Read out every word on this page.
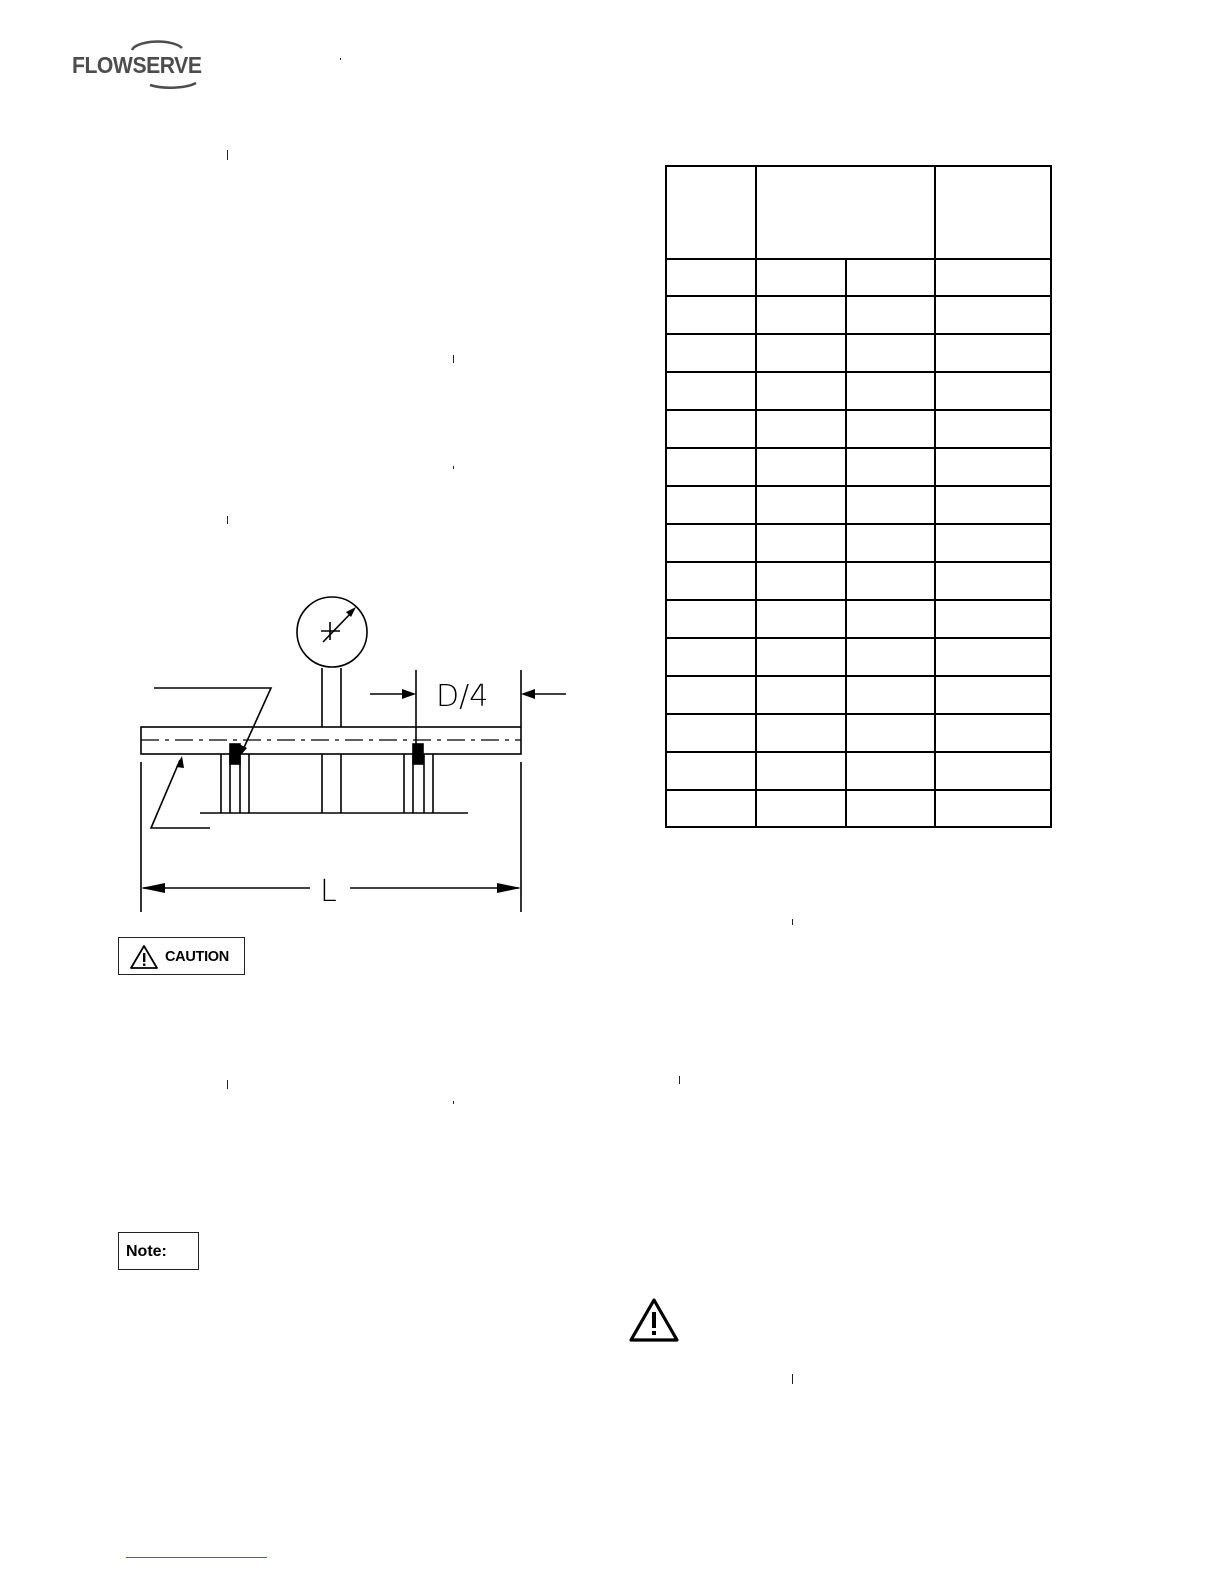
FLOWSERVE
D/4
L
CAUTION
Note:
